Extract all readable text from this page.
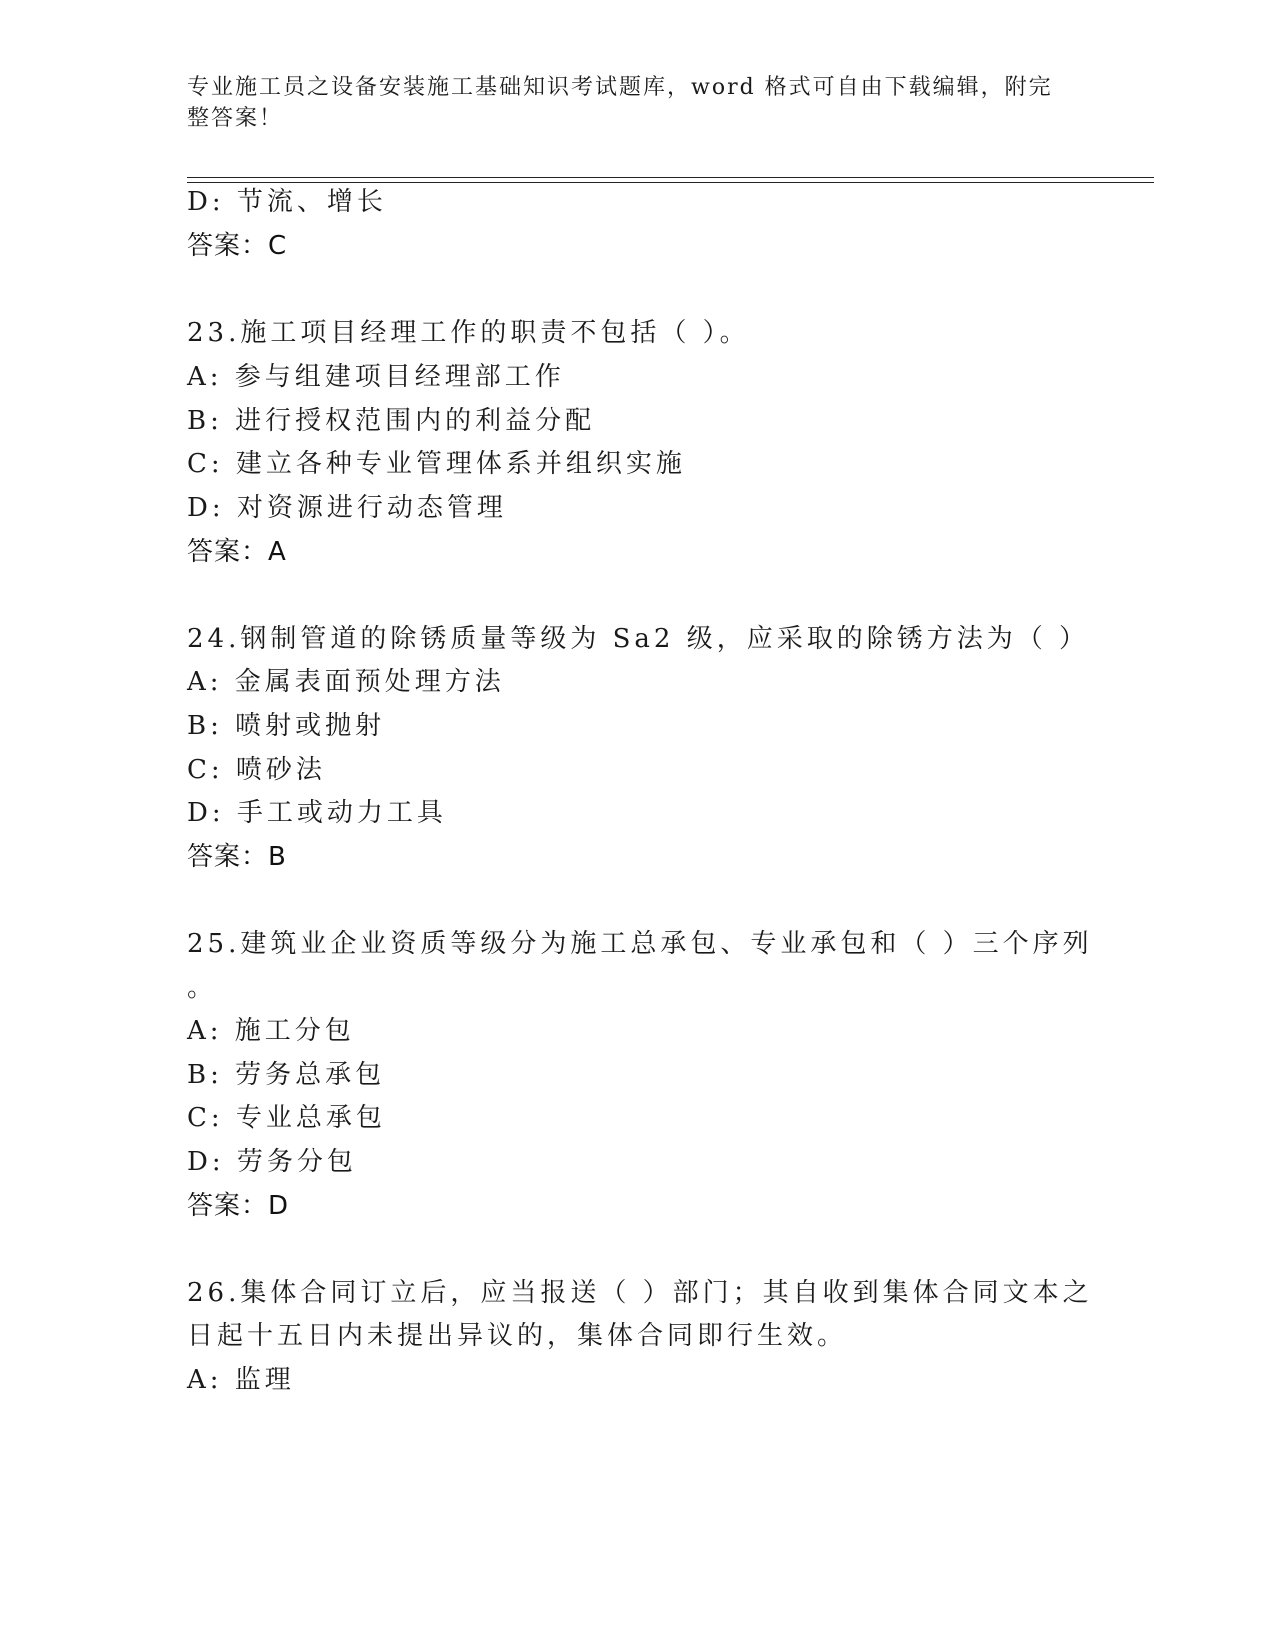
专业施工员之设备安装施工基础知识考试题库，word 格式可自由下载编辑，附完整答案！
D: 节流、增长
答案：C
23.施工项目经理工作的职责不包括（ ）。
A: 参与组建项目经理部工作
B: 进行授权范围内的利益分配
C: 建立各种专业管理体系并组织实施
D: 对资源进行动态管理
答案：A
24.钢制管道的除锈质量等级为 Sa2 级，应采取的除锈方法为（ ）
A: 金属表面预处理方法
B: 喷射或抛射
C: 喷砂法
D: 手工或动力工具
答案：B
25.建筑业企业资质等级分为施工总承包、专业承包和（ ）三个序列
。
A: 施工分包
B: 劳务总承包
C: 专业总承包
D: 劳务分包
答案：D
26.集体合同订立后，应当报送（ ）部门；其自收到集体合同文本之
日起十五日内未提出异议的，集体合同即行生效。
A: 监理
